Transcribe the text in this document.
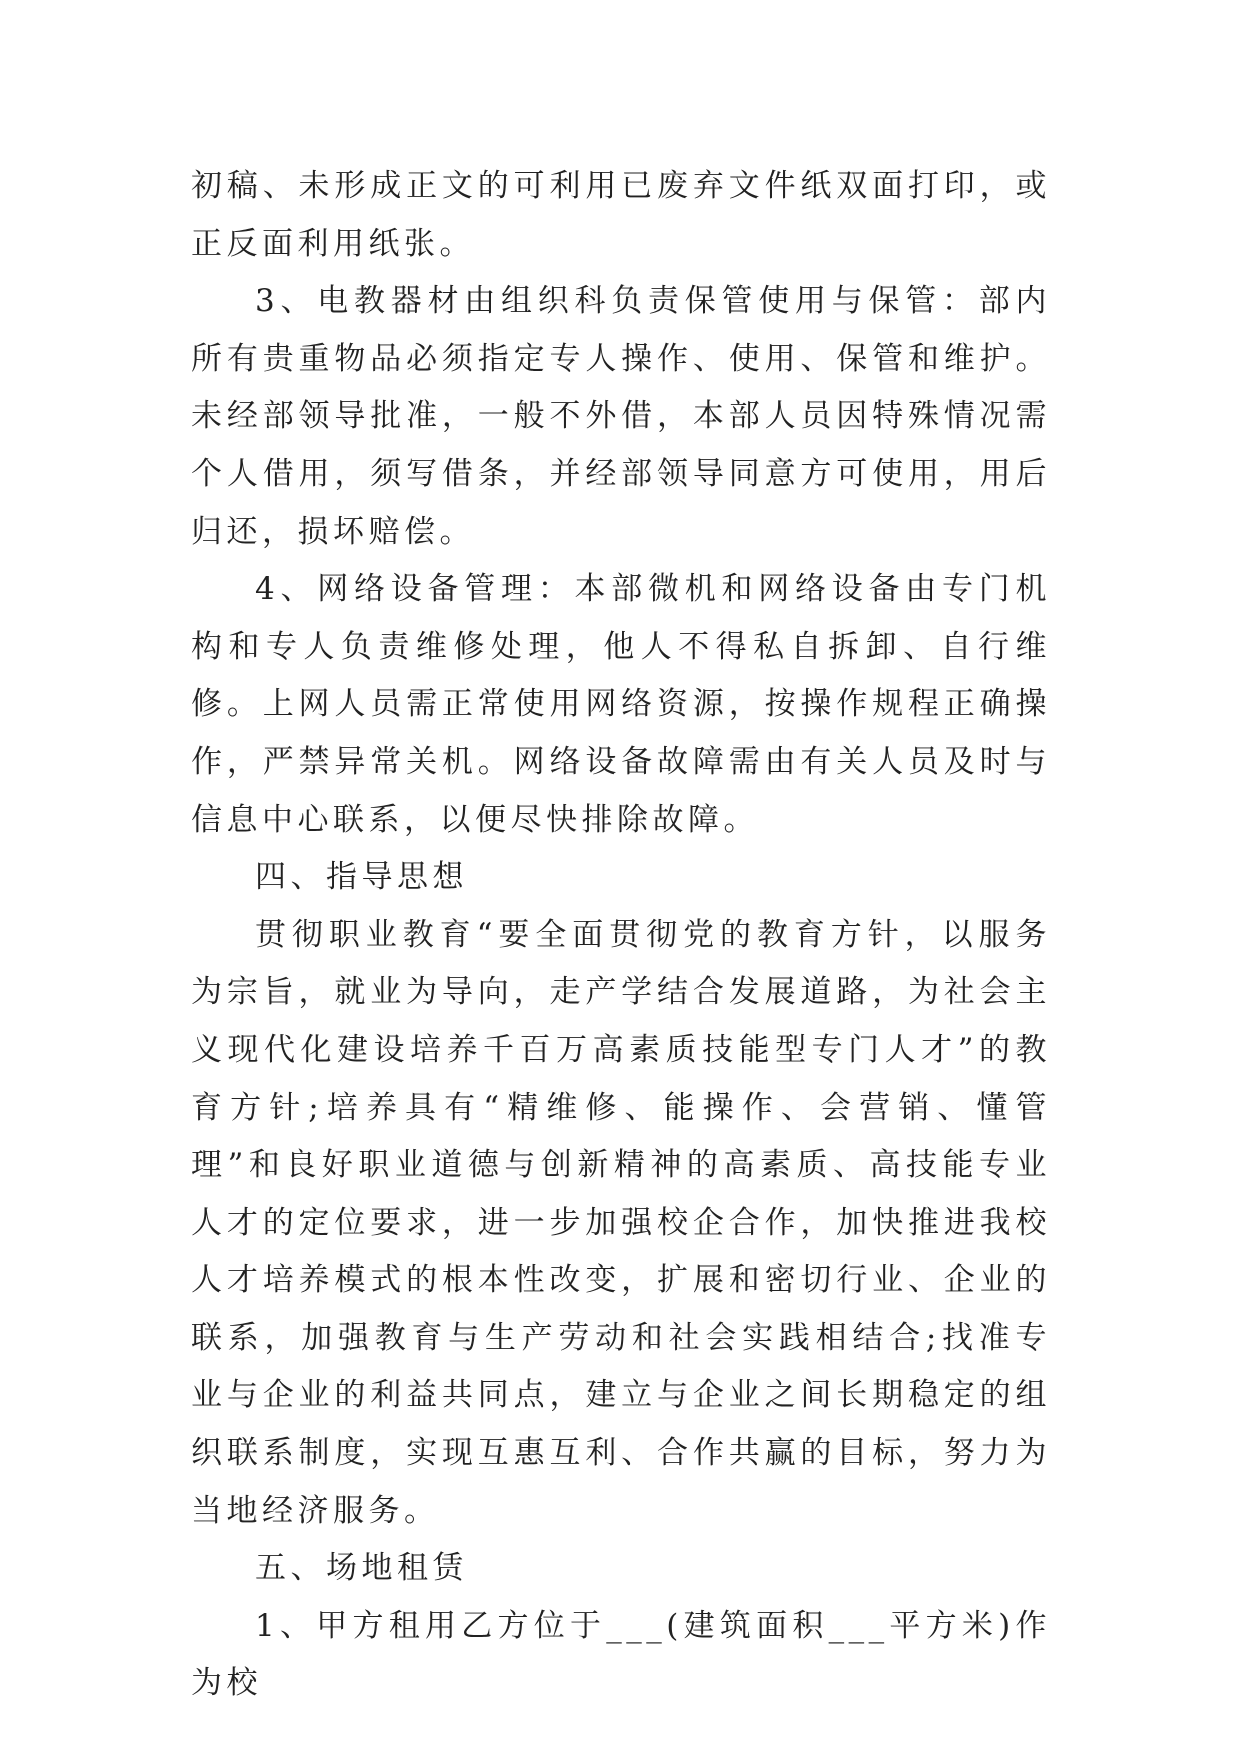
初稿、未形成正文的可利用已废弃文件纸双面打印，或正反面利用纸张。

3、电教器材由组织科负责保管使用与保管：部内所有贵重物品必须指定专人操作、使用、保管和维护。未经部领导批准，一般不外借，本部人员因特殊情况需个人借用，须写借条，并经部领导同意方可使用，用后归还，损坏赔偿。

4、网络设备管理：本部微机和网络设备由专门机构和专人负责维修处理，他人不得私自拆卸、自行维修。上网人员需正常使用网络资源，按操作规程正确操作，严禁异常关机。网络设备故障需由有关人员及时与信息中心联系，以便尽快排除故障。

四、指导思想

贯彻职业教育“要全面贯彻党的教育方针，以服务为宗旨，就业为导向，走产学结合发展道路，为社会主义现代化建设培养千百万高素质技能型专门人才”的教育方针;培养具有“精维修、能操作、会营销、懂管理”和良好职业道德与创新精神的高素质、高技能专业人才的定位要求，进一步加强校企合作，加快推进我校人才培养模式的根本性改变，扩展和密切行业、企业的联系，加强教育与生产劳动和社会实践相结合;找准专业与企业的利益共同点，建立与企业之间长期稳定的组织联系制度，实现互惠互利、合作共赢的目标，努力为当地经济服务。

五、场地租赁

1、甲方租用乙方位于___(建筑面积___平方米)作为校
